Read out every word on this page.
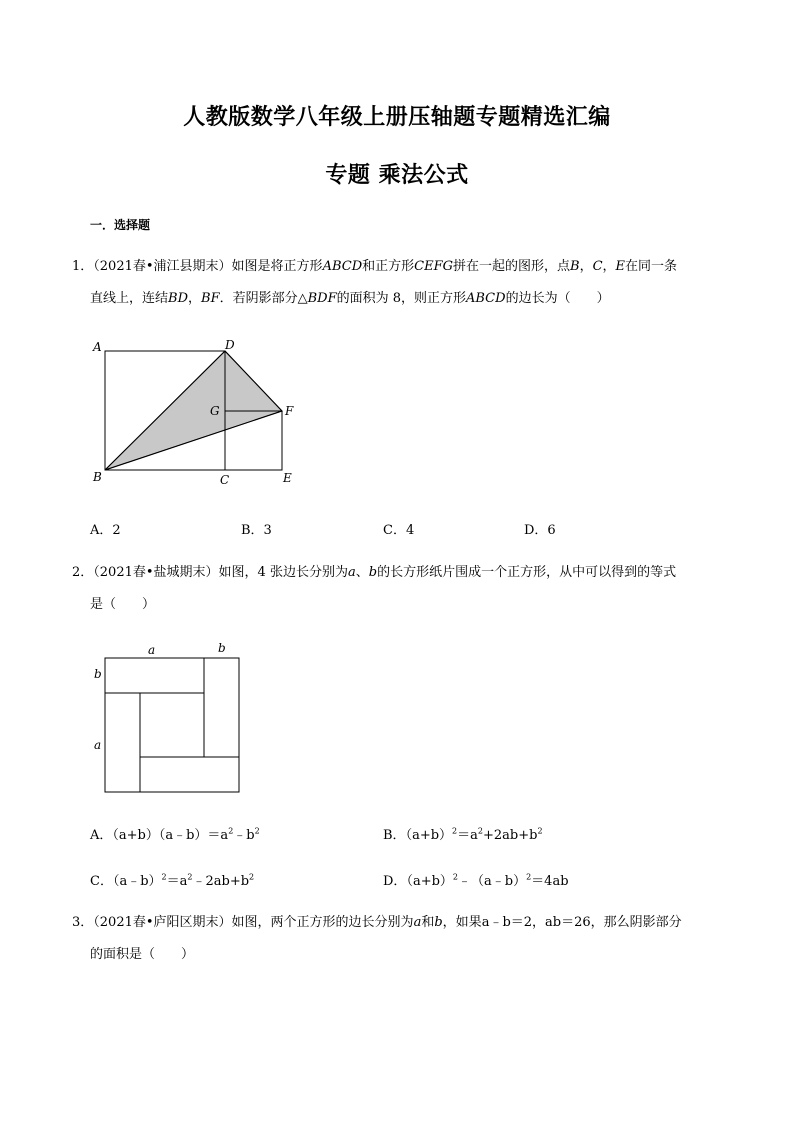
人教版数学八年级上册压轴题专题精选汇编
专题 乘法公式
一．选择题
1．（2021春•浦江县期末）如图是将正方形ABCD和正方形CEFG拼在一起的图形，点B，C，E在同一条
直线上，连结BD，BF．若阴影部分△BDF的面积为 8，则正方形ABCD的边长为（　　）
A	D
G	F
B	C	E
A．2	B．3	C．4	D．6
2．（2021春•盐城期末）如图，4 张边长分别为a、b的长方形纸片围成一个正方形，从中可以得到的等式
是（　　）
a	b
b
a
A．$(a+b)(a﹣b)=a^2﹣b^2$	B．$(a+b)^2=a^2+2ab+b^2$
C．$(a﹣b)^2=a^2﹣2ab+b^2$	D．$(a+b)^2﹣(a﹣b)^2=4ab$
3．（2021春•庐阳区期末）如图，两个正方形的边长分别为a和b，如果a﹣b＝2，ab＝26，那么阴影部分
的面积是（　　）
